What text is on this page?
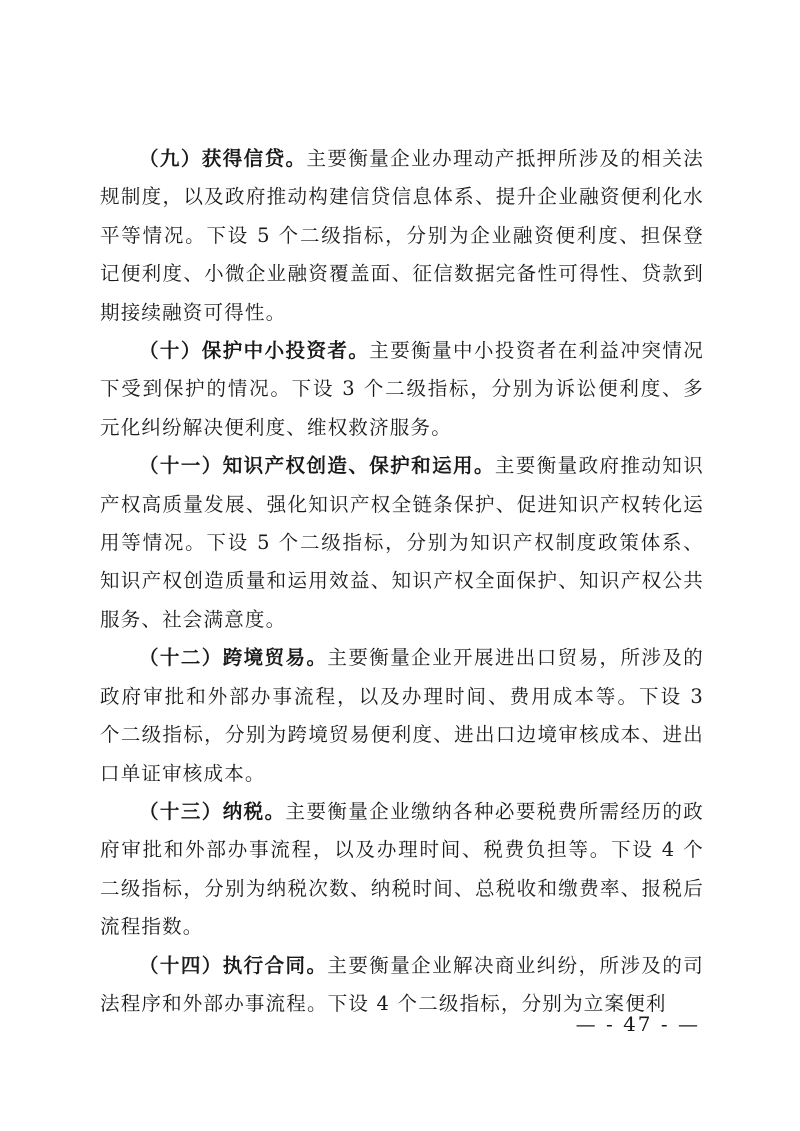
（九）获得信贷。主要衡量企业办理动产抵押所涉及的相关法规制度，以及政府推动构建信贷信息体系、提升企业融资便利化水平等情况。下设 5 个二级指标，分别为企业融资便利度、担保登记便利度、小微企业融资覆盖面、征信数据完备性可得性、贷款到期接续融资可得性。

（十）保护中小投资者。主要衡量中小投资者在利益冲突情况下受到保护的情况。下设 3 个二级指标，分别为诉讼便利度、多元化纠纷解决便利度、维权救济服务。

（十一）知识产权创造、保护和运用。主要衡量政府推动知识产权高质量发展、强化知识产权全链条保护、促进知识产权转化运用等情况。下设 5 个二级指标，分别为知识产权制度政策体系、知识产权创造质量和运用效益、知识产权全面保护、知识产权公共服务、社会满意度。

（十二）跨境贸易。主要衡量企业开展进出口贸易，所涉及的政府审批和外部办事流程，以及办理时间、费用成本等。下设 3 个二级指标，分别为跨境贸易便利度、进出口边境审核成本、进出口单证审核成本。

（十三）纳税。主要衡量企业缴纳各种必要税费所需经历的政府审批和外部办事流程，以及办理时间、税费负担等。下设 4 个二级指标，分别为纳税次数、纳税时间、总税收和缴费率、报税后流程指数。

（十四）执行合同。主要衡量企业解决商业纠纷，所涉及的司法程序和外部办事流程。下设 4 个二级指标，分别为立案便利

— - 47 - —
